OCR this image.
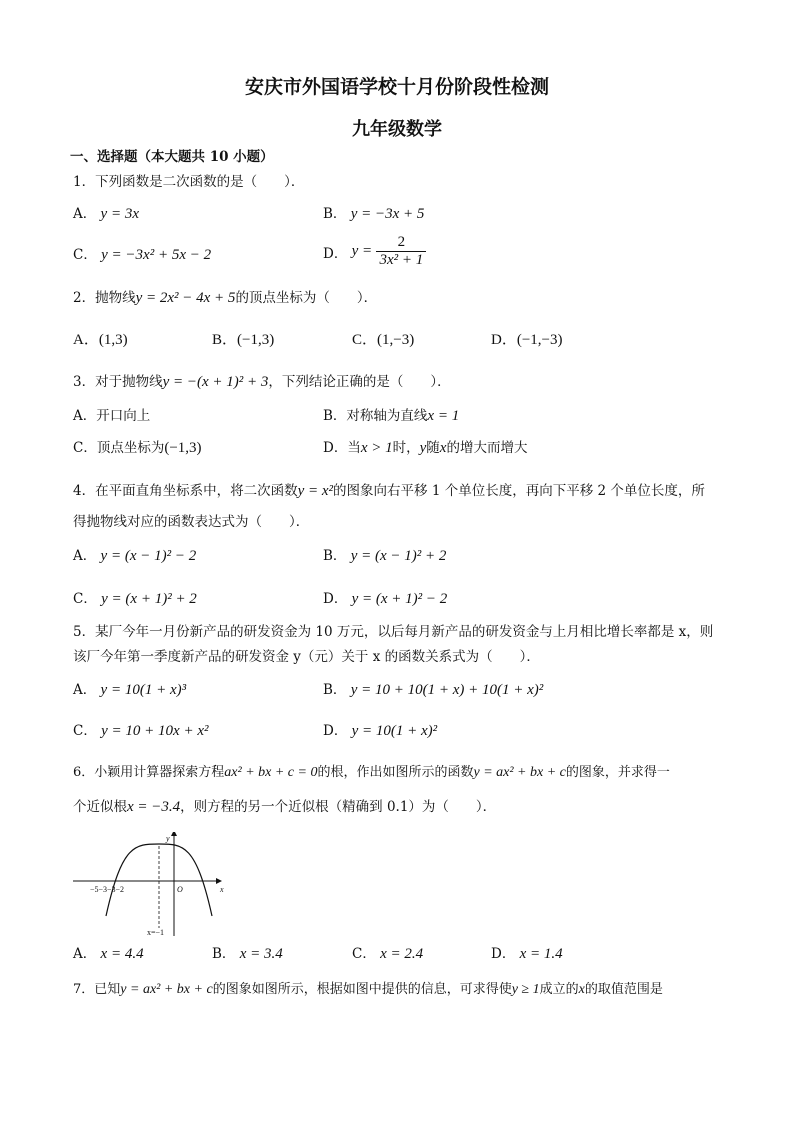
安庆市外国语学校十月份阶段性检测
九年级数学
一、选择题（本大题共 10 小题）
1．下列函数是二次函数的是（　　）．
A． y = 3x	B． y = −3x + 5
C． y = −3x² + 5x − 2	D． $y = \frac{2}{\text{3x² + 1}}$
2．抛物线y = 2x² − 4x + 5的顶点坐标为（　　）．
A．(1,3)	B．(−1,3)	C．(1,−3)	D．(−1,−3)
3．对于抛物线y = −(x + 1)² + 3，下列结论正确的是（　　）．
A．开口向上	B．对称轴为直线x = 1
C．顶点坐标为(−1,3)	D．当x > 1时，y随x的增大而增大
4．在平面直角坐标系中，将二次函数y = x²的图象向右平移 1 个单位长度，再向下平移 2 个单位长度，所
得抛物线对应的函数表达式为（　　）．
A． y = (x − 1)² − 2	B． y = (x − 1)² + 2
C． y = (x + 1)² + 2	D． y = (x + 1)² − 2
5．某厂今年一月份新产品的研发资金为 10 万元，以后每月新产品的研发资金与上月相比增长率都是 x，则
该厂今年第一季度新产品的研发资金 y（元）关于 x 的函数关系式为（　　）．
A． y = 10(1 + x)³	B． y = 10 + 10(1 + x) + 10(1 + x)²
C． y = 10 + 10x + x²	D． y = 10(1 + x)²
6．小颖用计算器探索方程ax² + bx + c = 0的根，作出如图所示的函数y = ax² + bx + c的图象，并求得一
个近似根x = −3.4，则方程的另一个近似根（精确到 0.1）为（　　）．
y
x
O
−5−3−3−2
x=−1
A． x = 4.4	B． x = 3.4	C． x = 2.4	D． x = 1.4
7．已知y = ax² + bx + c的图象如图所示，根据如图中提供的信息，可求得使y ≥ 1成立的x的取值范围是
